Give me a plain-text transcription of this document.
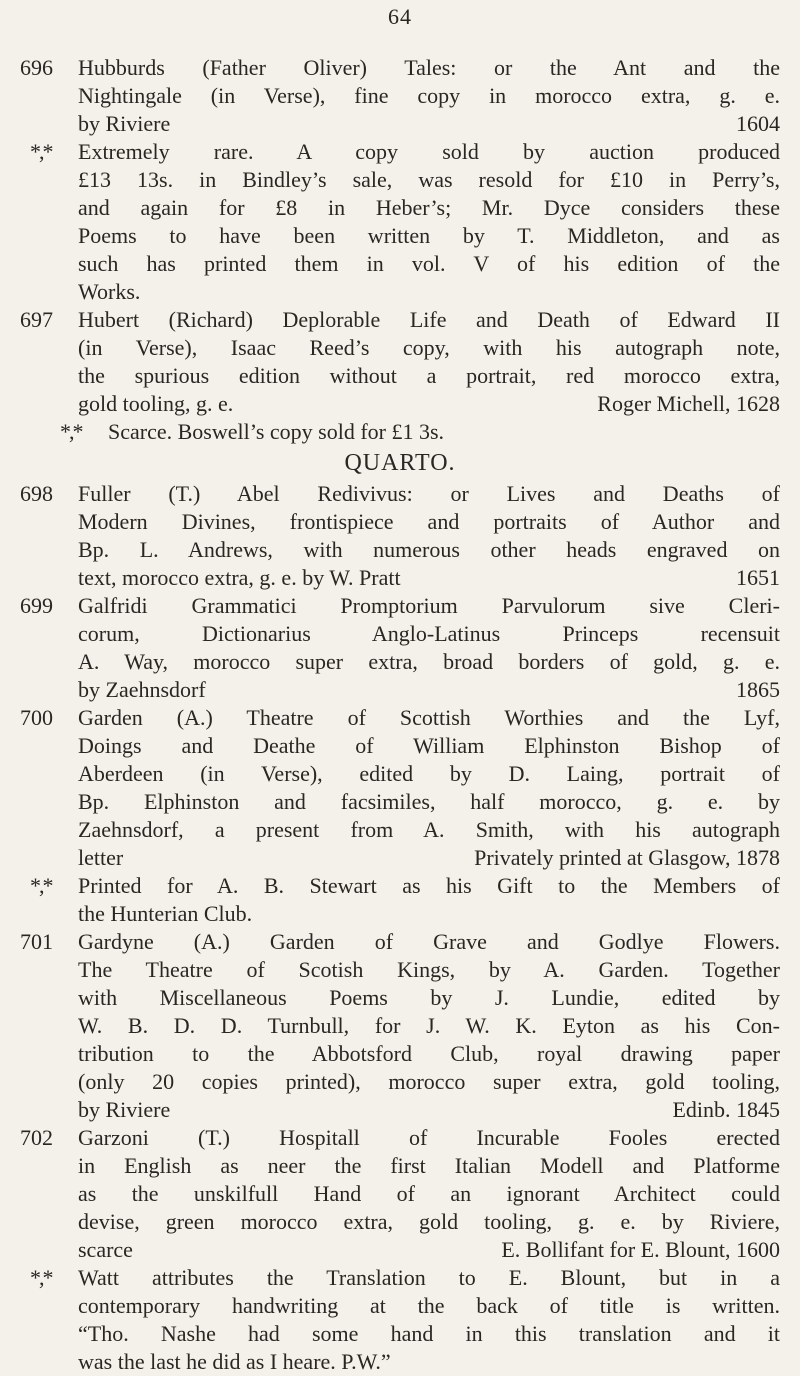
64
696 Hubburds (Father Oliver) Tales: or the Ant and the
Nightingale (in Verse), fine copy in morocco extra, g. e.
by Riviere	1604
*,* Extremely rare. A copy sold by auction produced
£13 13s. in Bindley’s sale, was resold for £10 in Perry’s,
and again for £8 in Heber’s; Mr. Dyce considers these
Poems to have been written by T. Middleton, and as
such has printed them in vol. V of his edition of the
Works.
697 Hubert (Richard) Deplorable Life and Death of Edward II
(in Verse), Isaac Reed’s copy, with his autograph note,
the spurious edition without a portrait, red morocco extra,
gold tooling, g. e.	Roger Michell, 1628
*,* Scarce. Boswell’s copy sold for £1 3s.
QUARTO.
698 Fuller (T.) Abel Redivivus: or Lives and Deaths of
Modern Divines, frontispiece and portraits of Author and
Bp. L. Andrews, with numerous other heads engraved on
text, morocco extra, g. e. by W. Pratt	1651
699 Galfridi Grammatici Promptorium Parvulorum sive Cleri-
corum, Dictionarius Anglo-Latinus Princeps recensuit
A. Way, morocco super extra, broad borders of gold, g. e.
by Zaehnsdorf	1865
700 Garden (A.) Theatre of Scottish Worthies and the Lyf,
Doings and Deathe of William Elphinston Bishop of
Aberdeen (in Verse), edited by D. Laing, portrait of
Bp. Elphinston and facsimiles, half morocco, g. e. by
Zaehnsdorf, a present from A. Smith, with his autograph
letter	Privately printed at Glasgow, 1878
*,* Printed for A. B. Stewart as his Gift to the Members of
the Hunterian Club.
701 Gardyne (A.) Garden of Grave and Godlye Flowers.
The Theatre of Scotish Kings, by A. Garden. Together
with Miscellaneous Poems by J. Lundie, edited by
W. B. D. D. Turnbull, for J. W. K. Eyton as his Con-
tribution to the Abbotsford Club, royal drawing paper
(only 20 copies printed), morocco super extra, gold tooling,
by Riviere	Edinb. 1845
702 Garzoni (T.) Hospitall of Incurable Fooles erected
in English as neer the first Italian Modell and Platforme
as the unskilfull Hand of an ignorant Architect could
devise, green morocco extra, gold tooling, g. e. by Riviere,
scarce	E. Bollifant for E. Blount, 1600
*,* Watt attributes the Translation to E. Blount, but in a
contemporary handwriting at the back of title is written.
“Tho. Nashe had some hand in this translation and it
was the last he did as I heare. P.W.”
